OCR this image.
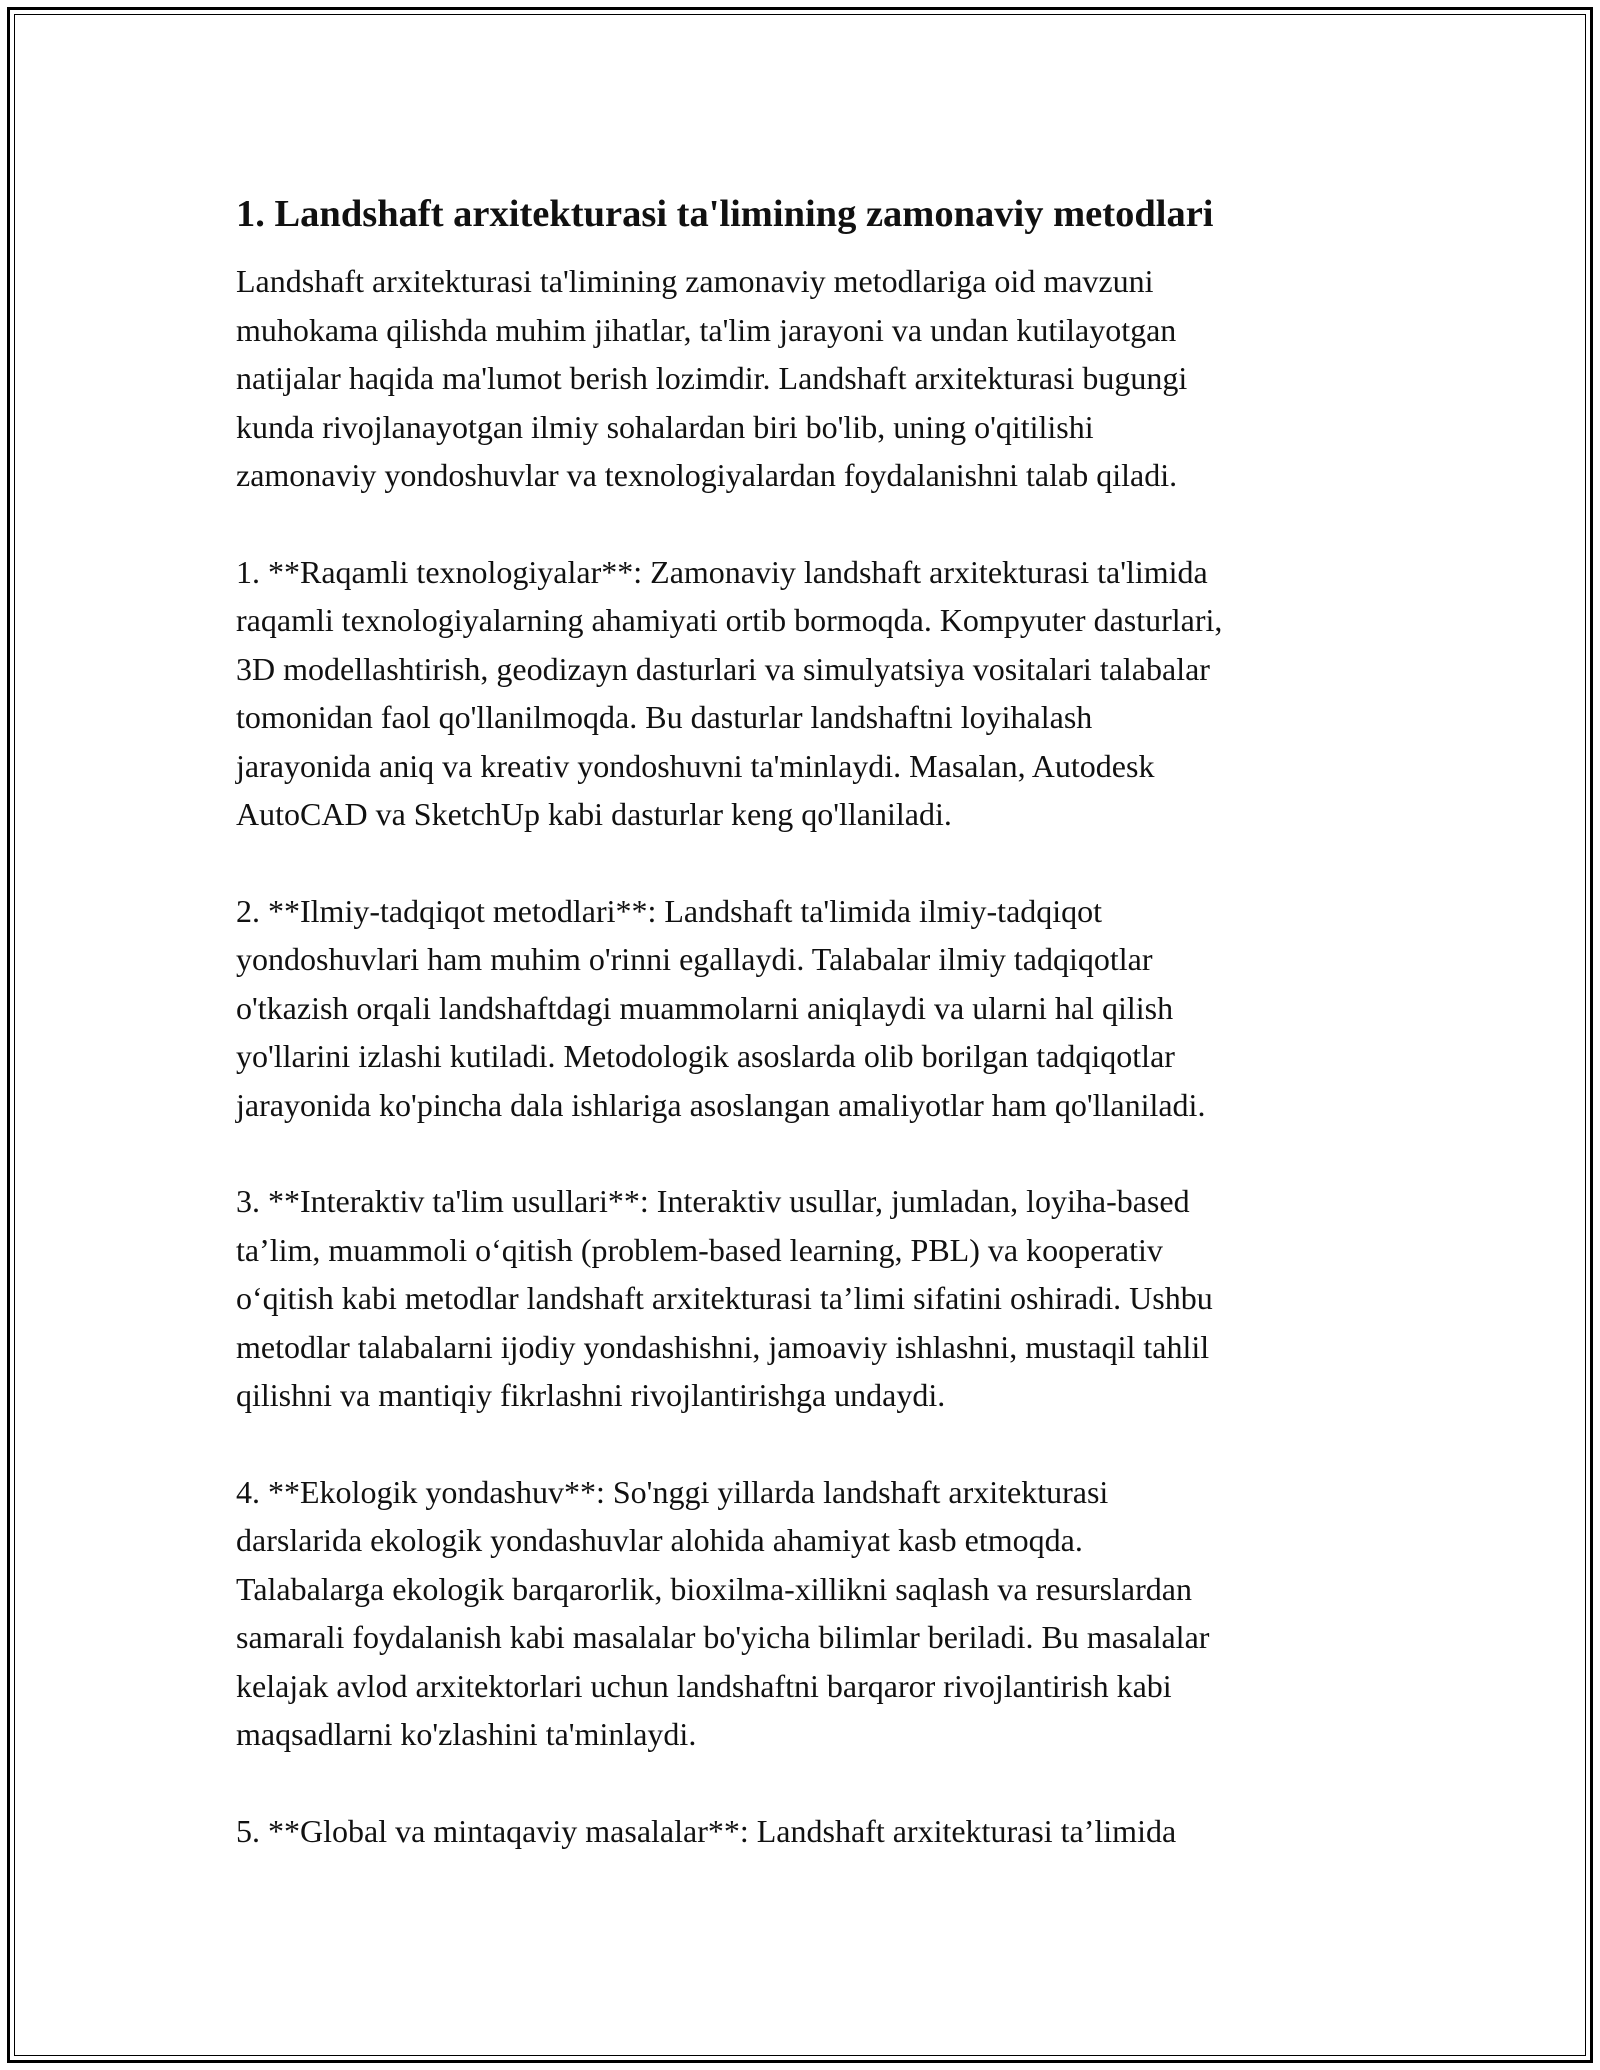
1. Landshaft arxitekturasi ta'limining zamonaviy metodlari
Landshaft arxitekturasi ta'limining zamonaviy metodlariga oid mavzuni
muhokama qilishda muhim jihatlar, ta'lim jarayoni va undan kutilayotgan
natijalar haqida ma'lumot berish lozimdir. Landshaft arxitekturasi bugungi
kunda rivojlanayotgan ilmiy sohalardan biri bo'lib, uning o'qitilishi
zamonaviy yondoshuvlar va texnologiyalardan foydalanishni talab qiladi.
1. **Raqamli texnologiyalar**: Zamonaviy landshaft arxitekturasi ta'limida
raqamli texnologiyalarning ahamiyati ortib bormoqda. Kompyuter dasturlari,
3D modellashtirish, geodizayn dasturlari va simulyatsiya vositalari talabalar
tomonidan faol qo'llanilmoqda. Bu dasturlar landshaftni loyihalash
jarayonida aniq va kreativ yondoshuvni ta'minlaydi. Masalan, Autodesk
AutoCAD va SketchUp kabi dasturlar keng qo'llaniladi.
2. **Ilmiy-tadqiqot metodlari**: Landshaft ta'limida ilmiy-tadqiqot
yondoshuvlari ham muhim o'rinni egallaydi. Talabalar ilmiy tadqiqotlar
o'tkazish orqali landshaftdagi muammolarni aniqlaydi va ularni hal qilish
yo'llarini izlashi kutiladi. Metodologik asoslarda olib borilgan tadqiqotlar
jarayonida ko'pincha dala ishlariga asoslangan amaliyotlar ham qo'llaniladi.
3. **Interaktiv ta'lim usullari**: Interaktiv usullar, jumladan, loyiha-based
ta’lim, muammoli o‘qitish (problem-based learning, PBL) va kooperativ
o‘qitish kabi metodlar landshaft arxitekturasi ta’limi sifatini oshiradi. Ushbu
metodlar talabalarni ijodiy yondashishni, jamoaviy ishlashni, mustaqil tahlil
qilishni va mantiqiy fikrlashni rivojlantirishga undaydi.
4. **Ekologik yondashuv**: So'nggi yillarda landshaft arxitekturasi
darslarida ekologik yondashuvlar alohida ahamiyat kasb etmoqda.
Talabalarga ekologik barqarorlik, bioxilma-xillikni saqlash va resurslardan
samarali foydalanish kabi masalalar bo'yicha bilimlar beriladi. Bu masalalar
kelajak avlod arxitektorlari uchun landshaftni barqaror rivojlantirish kabi
maqsadlarni ko'zlashini ta'minlaydi.
5. **Global va mintaqaviy masalalar**: Landshaft arxitekturasi ta’limida
